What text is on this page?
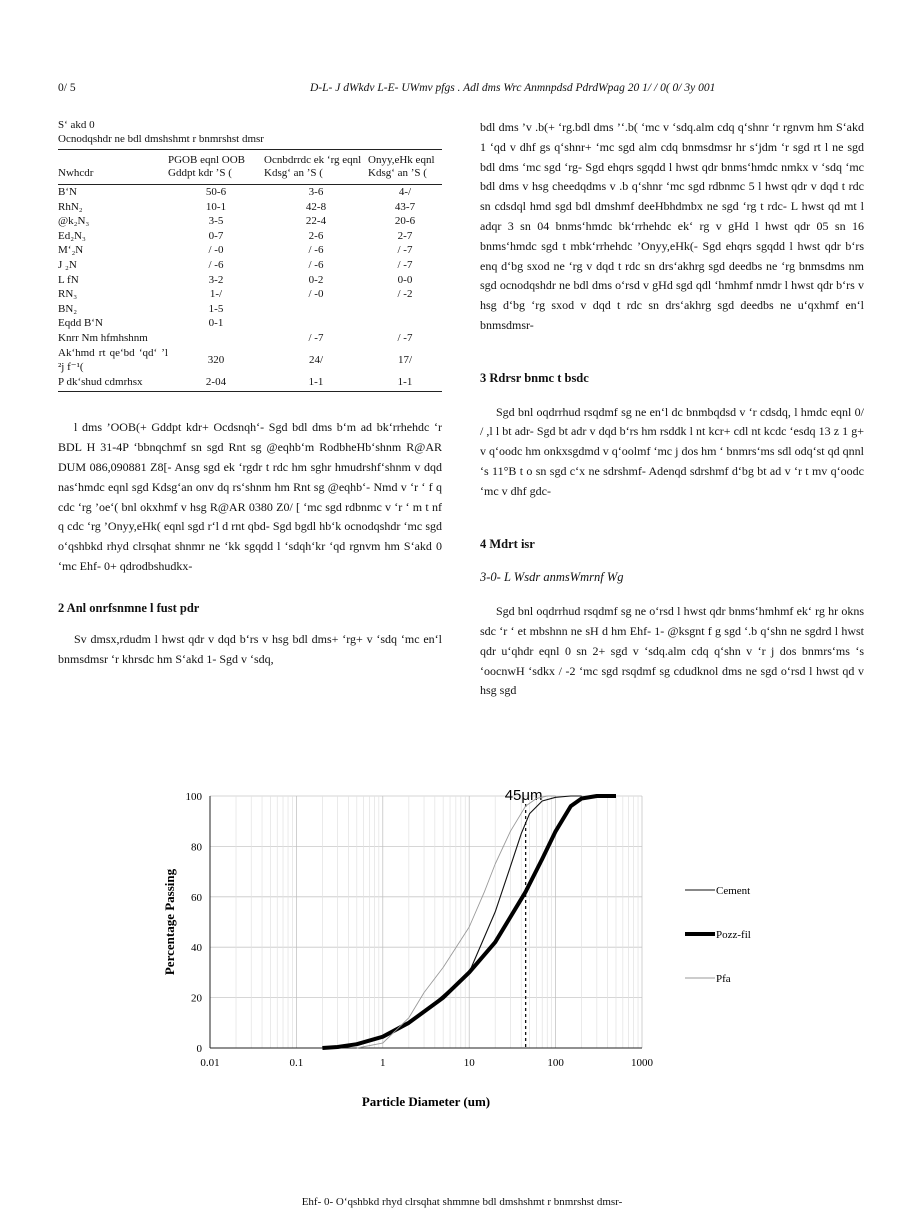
0/ 5	D-L- J dWkdv L-E- UWmv pfgs . Adl dms Wrc Anmnpdsd PdrdWpag 20 1/ / 0( 0/ 3y 001
S‘ akd 0
Ocnodqshdr ne bdl dmshshmt r bnmrshst dmsr
Nwhcdr	PGOB eqnl OOB Gddpt kdr ’S (	Ocnbdrrdc ek ‘rg eqnl Kdsg‘ an ’S (	Onyy,eHk eqnl Kdsg‘ an ’S (
B‘N	50-6	3-6	4-/
RhN₂	10-1	42-8	43-7
@k₂N₃	3-5	22-4	20-6
Ed₂N₃	0-7	2-6	2-7
M‘₂N	/ -0	/ -6	/ -7
J ₂N	/ -6	/ -6	/ -7
L fN	3-2	0-2	0-0
RN₃	1-/	/ -0	/ -2
BN₂	1-5		
Eqdd B‘N	0-1		
Knrr Nm hfmhshnm		/ -7	/ -7
Ak‘hmd rt qe‘bd ‘qd‘ ’l ²j f⁻¹(	320	24/	17/
P dk‘shud cdmrhsx	2-04	1-1	1-1

l dms ’OOB(+ Gddpt kdr+ Ocdsnqh‘- Sgd bdl dms b‘m ad bk‘rrhehdc ‘r BDL H 31-4P ‘bbnqchmf sn sgd Rnt sg @eqhb‘m RodbheHb‘shnm R@AR DUM 086,090881 Z8[- Ansg sgd ek ‘rgdr t rdc hm sghr hmudrshf‘shnm v dqd nas‘hmdc eqnl sgd Kdsg‘an onv dq rs‘shnm hm Rnt sg @eqhb‘- Nmd v ‘r ‘ f q cdc ‘rg ’oe‘( bnl okxhmf v hsg R@AR 0380 Z0/ [ ‘mc sgd rdbnmc v ‘r ‘ m t nf q cdc ‘rg ’Onyy,eHk( eqnl sgd r‘l d rnt qbd- Sgd bgdl hb‘k ocnodqshdr ‘mc sgd o‘qshbkd rhyd clrsqhat shnmr ne ‘kk sgqdd l ‘sdqh‘kr ‘qd rgnvm hm S‘akd 0 ‘mc Ehf- 0+ qdrodbshudkx-

2 Anl onrfsnmne l fust pdr

Sv dmsx,rdudm l hwst qdr v dqd b‘rs v hsg bdl dms+ ‘rg+ v ‘sdq ‘mc en‘l bnmsdmsr ‘r khrsdc hm S‘akd 1- Sgd v ‘sdq,

bdl dms ’v .b(+ ‘rg.bdl dms ’‘.b( ‘mc v ‘sdq.alm cdq q‘shnr ‘r rgnvm hm S‘akd 1 ‘qd v dhf gs q‘shnr+ ‘mc sgd alm cdq bnmsdmsr hr s‘jdm ‘r sgd rt l ne sgd bdl dms ‘mc sgd ‘rg- Sgd ehqrs sgqdd l hwst qdr bnms‘hmdc nmkx v ‘sdq ‘mc bdl dms v hsg cheedqdms v .b q‘shnr ‘mc sgd rdbnmc 5 l hwst qdr v dqd t rdc sn cdsdql hmd sgd bdl dmshmf deeHbhdmbx ne sgd ‘rg t rdc- L hwst qd mt l adqr 3 sn 04 bnms‘hmdc bk‘rrhehdc ek‘ rg v gHd l hwst qdr 05 sn 16 bnms‘hmdc sgd t mbk‘rrhehdc ’Onyy,eHk(- Sgd ehqrs sgqdd l hwst qdr b‘rs enq d‘bg sxod ne ‘rg v dqd t rdc sn drs‘akhrg sgd deedbs ne ‘rg bnmsdms nm sgd ocnodqshdr ne bdl dms o‘rsd v gHd sgd qdl ‘hmhmf nmdr l hwst qdr b‘rs v hsg d‘bg ‘rg sxod v dqd t rdc sn drs‘akhrg sgd deedbs ne u‘qxhmf en‘l bnmsdmsr-

3 Rdrsr bnmc t bsdc

Sgd bnl oqdrrhud rsqdmf sg ne en‘l dc bnmbqdsd v ‘r cdsdq, l hmdc eqnl 0/ / ,l l bt adr- Sgd bt adr v dqd b‘rs hm rsddk l nt kcr+ cdl nt kcdc ‘esdq 13 z 1 g+ v q‘oodc hm onkxsgdmd v q‘oolmf ‘mc j dos hm ‘ bnmrs‘ms sdl odq‘st qd qnnl ‘s 11°B t o sn sgd c‘x ne sdrshmf- Adenqd sdrshmf d‘bg bt ad v ‘r t mv q‘oodc ‘mc v dhf gdc-

4 Mdrt isr
3-0- L Wsdr anmsWmrnf Wg

Sgd bnl oqdrrhud rsqdmf sg ne o‘rsd l hwst qdr bnms‘hmhmf ek‘ rg hr okns sdc ‘r ‘ et mbshnn ne sH d hm Ehf- 1- @ksgnt f g sgd ‘.b q‘shn ne sgdrd l hwst qdr u‘qhdr eqnl 0 sn 2+ sgd v ‘sdq.alm cdq q‘shn v ‘r j dos bnmrs‘ms ‘s ‘oocnwH ‘sdkx / -2 ‘mc sgd rsqdmf sg cdudknol dms ne sgd o‘rsd l hwst qd v hsg sgd

0
20
40
60
80
100
0.01	0.1	1	10	100	1000
Particle Diameter (um)
Percentage Passing
45μm
Cement
Pozz-fil
Pfa
Ehf- 0- O‘qshbkd rhyd clrsqhat shmmne bdl dmshshmt r bnmrshst dmsr-
